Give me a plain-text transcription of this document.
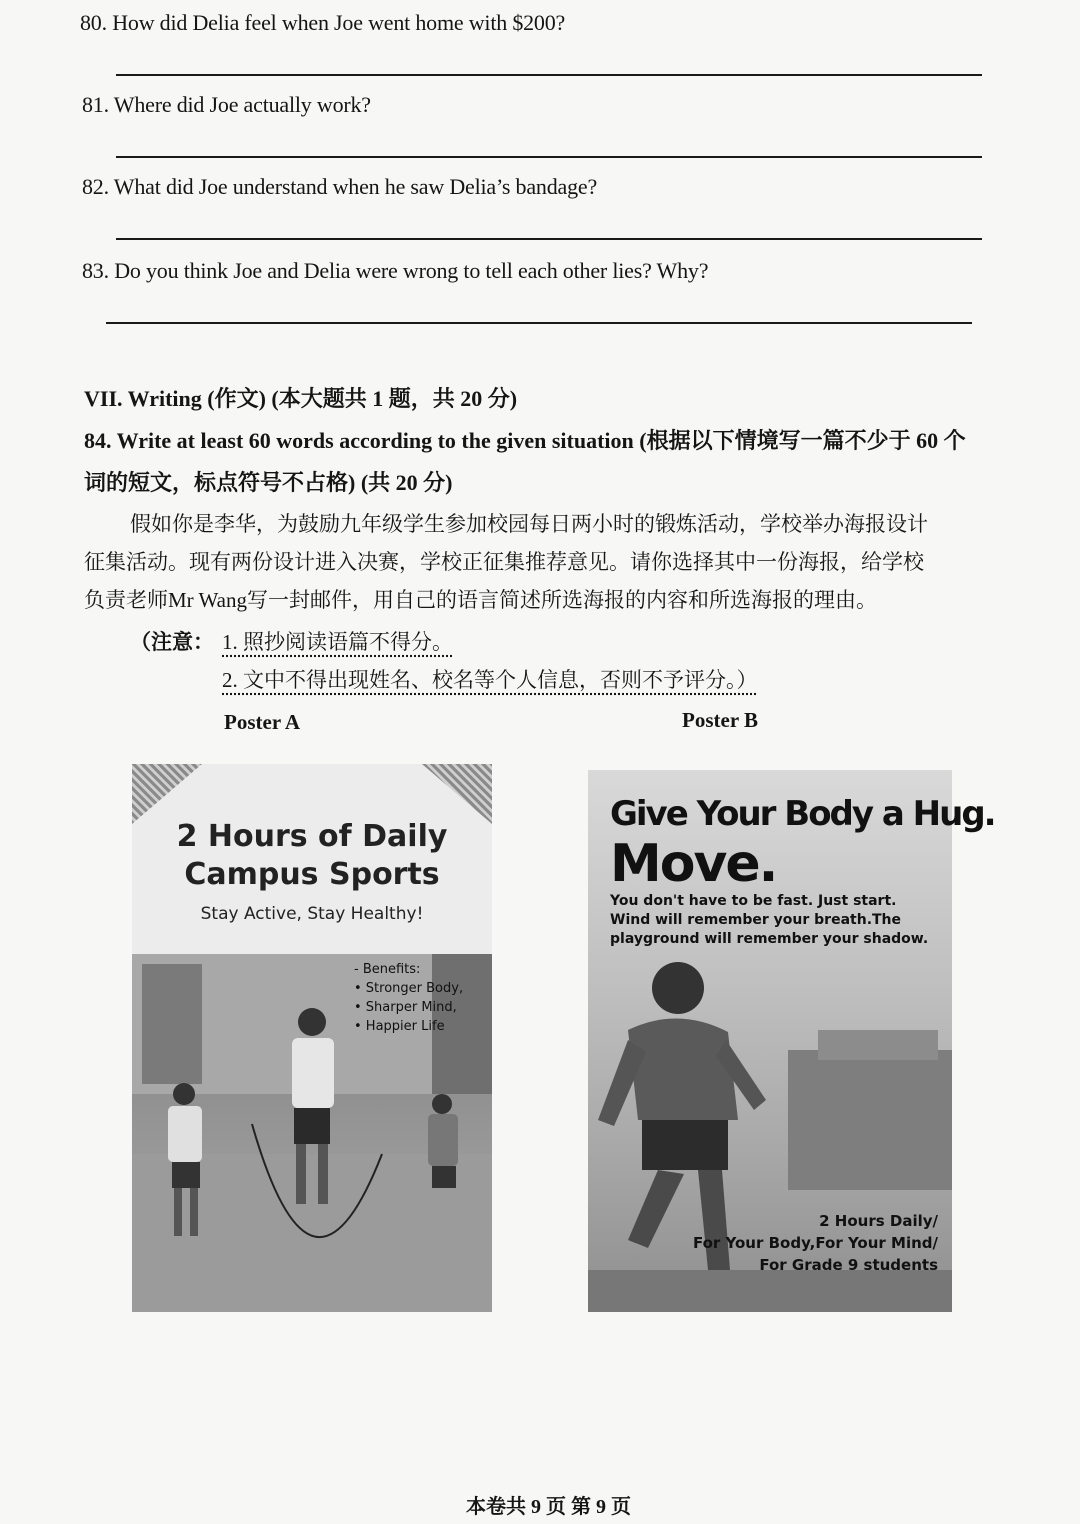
80. How did Delia feel when Joe went home with $200?
81. Where did Joe actually work?
82. What did Joe understand when he saw Delia’s bandage?
83. Do you think Joe and Delia were wrong to tell each other lies? Why?
VII. Writing (作文) (本大题共 1 题，共 20 分)
84. Write at least 60 words according to the given situation (根据以下情境写一篇不少于 60 个
词的短文，标点符号不占格) (共 20 分)
假如你是李华，为鼓励九年级学生参加校园每日两小时的锻炼活动，学校举办海报设计
征集活动。现有两份设计进入决赛，学校正征集推荐意见。请你选择其中一份海报，给学校
负责老师Mr Wang写一封邮件，用自己的语言简述所选海报的内容和所选海报的理由。
（注意： 1. 照抄阅读语篇不得分。
2. 文中不得出现姓名、校名等个人信息，否则不予评分。）
Poster A	Poster B
2 Hours of Daily
Campus Sports
Stay Active, Stay Healthy!
- Benefits:
• Stronger Body,
• Sharper Mind,
• Happier Life
Give Your Body a Hug.
Move.
You don't have to be fast. Just start.
Wind will remember your breath.The
playground will remember your shadow.
2 Hours Daily/
For Your Body,For Your Mind/
For Grade 9 students
本卷共 9 页 第 9 页
